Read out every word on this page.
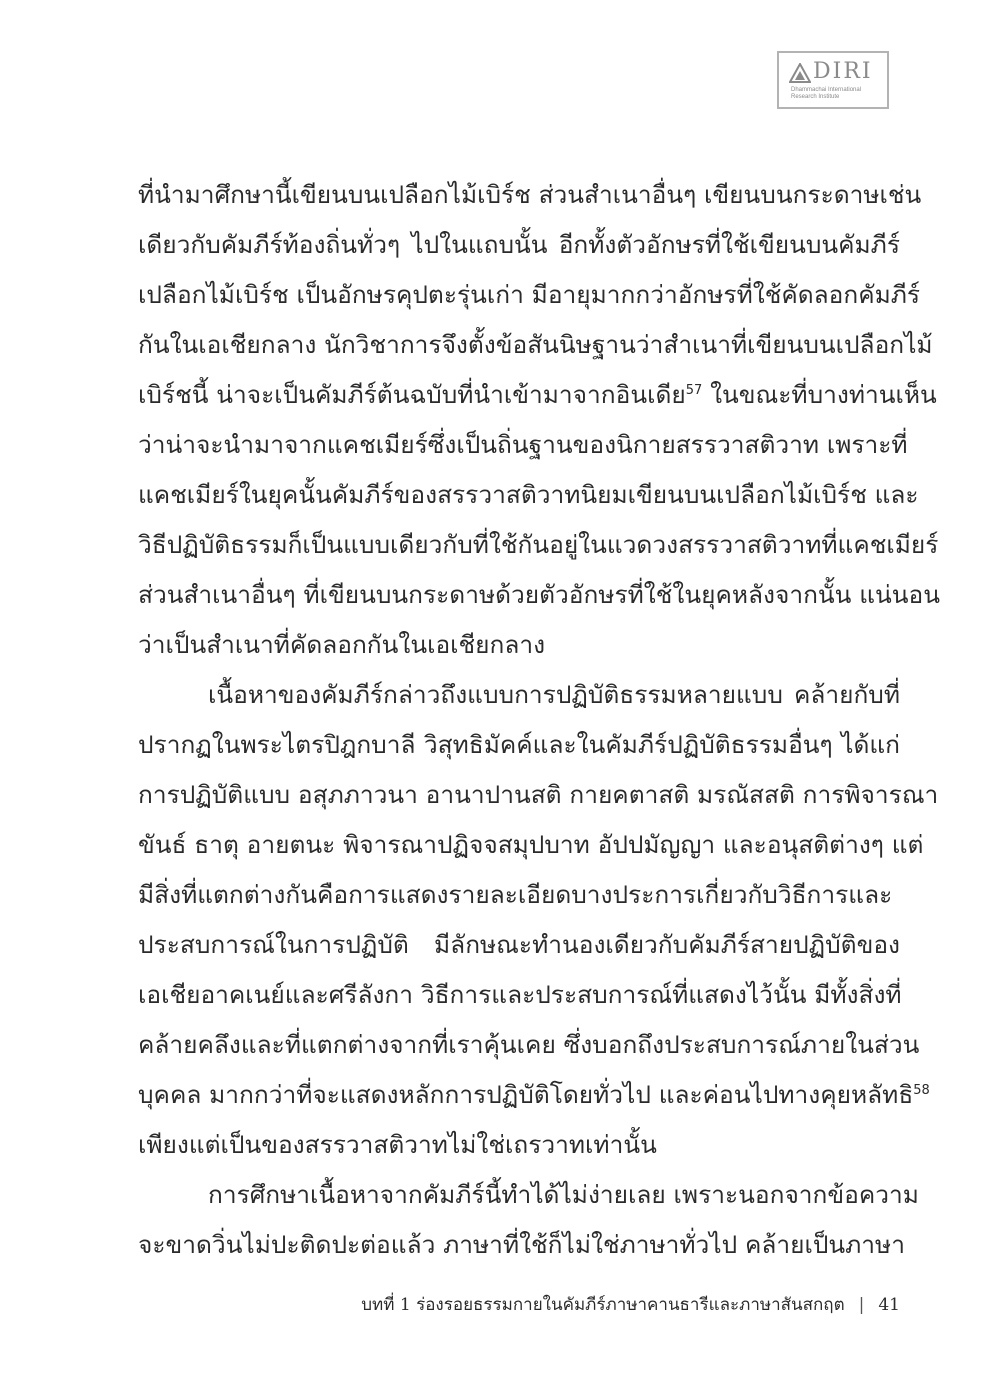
DIRI
Dhammachai International
Research Institute
ที่นำมาศึกษานี้เขียนบนเปลือกไม้เบิร์ช ส่วนสำเนาอื่นๆ เขียนบนกระดาษเช่น
เดียวกับคัมภีร์ท้องถิ่นทั่วๆ ไปในแถบนั้น อีกทั้งตัวอักษรที่ใช้เขียนบนคัมภีร์
เปลือกไม้เบิร์ช เป็นอักษรคุปตะรุ่นเก่า มีอายุมากกว่าอักษรที่ใช้คัดลอกคัมภีร์
กันในเอเชียกลาง นักวิชาการจึงตั้งข้อสันนิษฐานว่าสำเนาที่เขียนบนเปลือกไม้
เบิร์ชนี้ น่าจะเป็นคัมภีร์ต้นฉบับที่นำเข้ามาจากอินเดีย$^{57}$ ในขณะที่บางท่านเห็น
ว่าน่าจะนำมาจากแคชเมียร์ซึ่งเป็นถิ่นฐานของนิกายสรรวาสติวาท เพราะที่
แคชเมียร์ในยุคนั้นคัมภีร์ของสรรวาสติวาทนิยมเขียนบนเปลือกไม้เบิร์ช และ
วิธีปฏิบัติธรรมก็เป็นแบบเดียวกับที่ใช้กันอยู่ในแวดวงสรรวาสติวาทที่แคชเมียร์
ส่วนสำเนาอื่นๆ ที่เขียนบนกระดาษด้วยตัวอักษรที่ใช้ในยุคหลังจากนั้น แน่นอน
ว่าเป็นสำเนาที่คัดลอกกันในเอเชียกลาง
เนื้อหาของคัมภีร์กล่าวถึงแบบการปฏิบัติธรรมหลายแบบ คล้ายกับที่
ปรากฏในพระไตรปิฎกบาลี วิสุทธิมัคค์และในคัมภีร์ปฏิบัติธรรมอื่นๆ ได้แก่
การปฏิบัติแบบ อสุภภาวนา อานาปานสติ กายคตาสติ มรณัสสติ การพิจารณา
ขันธ์ ธาตุ อายตนะ พิจารณาปฏิจจสมุปบาท อัปปมัญญา และอนุสติต่างๆ แต่
มีสิ่งที่แตกต่างกันคือการแสดงรายละเอียดบางประการเกี่ยวกับวิธีการและ
ประสบการณ์ในการปฏิบัติ มีลักษณะทำนองเดียวกับคัมภีร์สายปฏิบัติของ
เอเชียอาคเนย์และศรีลังกา วิธีการและประสบการณ์ที่แสดงไว้นั้น มีทั้งสิ่งที่
คล้ายคลึงและที่แตกต่างจากที่เราคุ้นเคย ซึ่งบอกถึงประสบการณ์ภายในส่วน
บุคคล มากกว่าที่จะแสดงหลักการปฏิบัติโดยทั่วไป และค่อนไปทางคุยหลัทธิ$^{58}$
เพียงแต่เป็นของสรรวาสติวาทไม่ใช่เถรวาทเท่านั้น
การศึกษาเนื้อหาจากคัมภีร์นี้ทำได้ไม่ง่ายเลย เพราะนอกจากข้อความ
จะขาดวิ่นไม่ปะติดปะต่อแล้ว ภาษาที่ใช้ก็ไม่ใช่ภาษาทั่วไป คล้ายเป็นภาษา
บทที่ 1 ร่องรอยธรรมกายในคัมภีร์ภาษาคานธารีและภาษาสันสกฤต | 41
